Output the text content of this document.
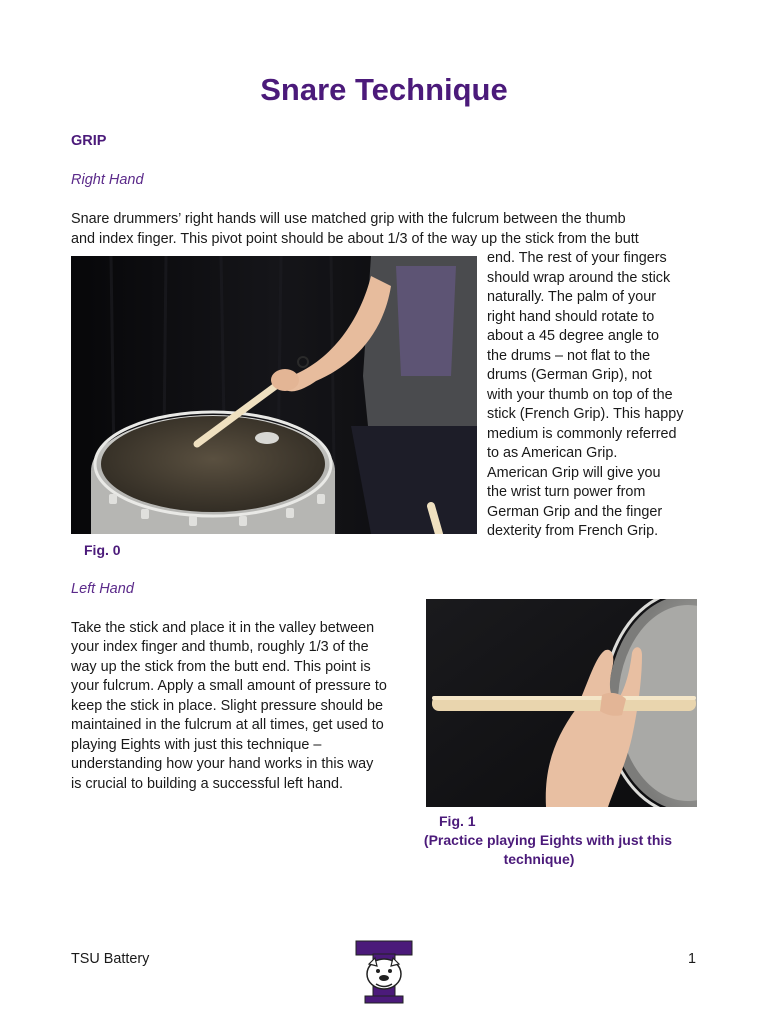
Snare Technique
GRIP
Right Hand
Snare drummers’ right hands will use matched grip with the fulcrum between the thumb
and index finger. This pivot point should be about 1/3 of the way up the stick from the butt
end. The rest of your fingers
should wrap around the stick
naturally. The palm of your
right hand should rotate to
about a 45 degree angle to
the drums – not flat to the
drums (German Grip), not
with your thumb on top of the
stick (French Grip). This happy
medium is commonly referred
to as American Grip.
American Grip will give you
the wrist turn power from
German Grip and the finger
dexterity from French Grip.
Fig. 0
Left Hand
Take the stick and place it in the valley between
your index finger and thumb, roughly 1/3 of the
way up the stick from the butt end. This point is
your fulcrum. Apply a small amount of pressure to
keep the stick in place. Slight pressure should be
maintained in the fulcrum at all times, get used to
playing Eights with just this technique –
understanding how your hand works in this way
is crucial to building a successful left hand.
Fig. 1
(Practice playing Eights with just this
technique)
TSU Battery	1
